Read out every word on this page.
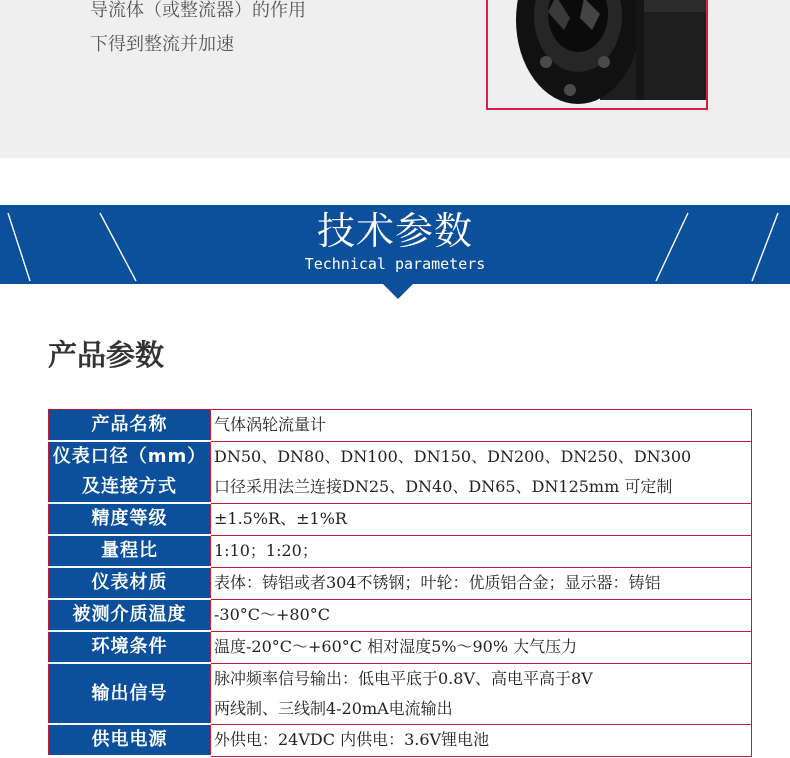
导流体（或整流器）的作用

下得到整流并加速

技术参数
Technical parameters
产品参数
产品名称	气体涡轮流量计

仪表口径（mm）
及连接方式	DN50、DN80、DN100、DN150、DN200、DN250、DN300
口径采用法兰连接DN25、DN40、DN65、DN125mm 可定制

精度等级	±1.5%R、±1%R

量程比	1:10；1:20；

仪表材质	表体：铸铝或者304不锈钢；叶轮：优质铝合金；显示器：铸铝

被测介质温度	-30°C～+80°C

环境条件	温度-20°C～+60°C 相对湿度5%～90% 大气压力

输出信号	脉冲频率信号输出：低电平底于0.8V、高电平高于8V
两线制、三线制4-20mA电流输出

供电电源	外供电：24VDC 内供电：3.6V锂电池
